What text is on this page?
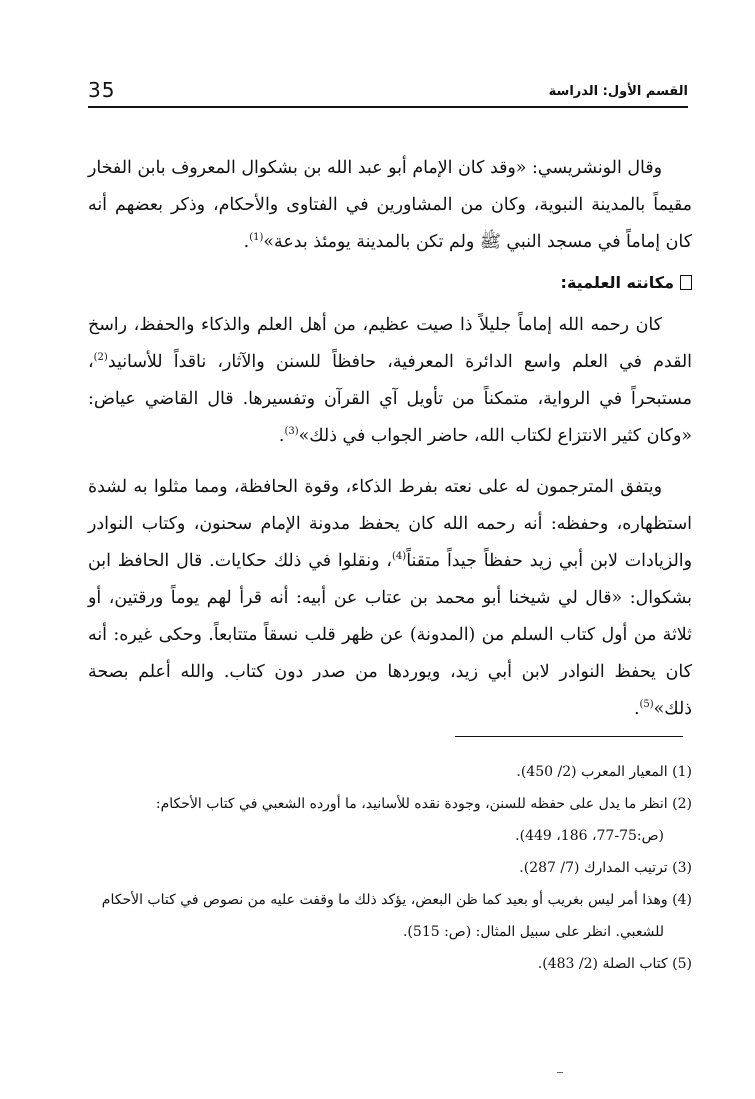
القسم الأول: الدراسة
35

وقال الونشريسي: «وقد كان الإمام أبو عبد الله بن بشكوال المعروف بابن الفخار مقيماً بالمدينة النبوية، وكان من المشاورين في الفتاوى والأحكام، وذكر بعضهم أنه كان إماماً في مسجد النبي ﷺ ولم تكن بالمدينة يومئذ بدعة»$^{(1)}$.

مكانته العلمية:

كان رحمه الله إماماً جليلاً ذا صيت عظيم، من أهل العلم والذكاء والحفظ، راسخ القدم في العلم واسع الدائرة المعرفية، حافظاً للسنن والآثار، ناقداً للأسانيد$^{(2)}$، مستبحراً في الرواية، متمكناً من تأويل آي القرآن وتفسيرها. قال القاضي عياض: «وكان كثير الانتزاع لكتاب الله، حاضر الجواب في ذلك»$^{(3)}$.

ويتفق المترجمون له على نعته بفرط الذكاء، وقوة الحافظة، ومما مثلوا به لشدة استظهاره، وحفظه: أنه رحمه الله كان يحفظ مدونة الإمام سحنون، وكتاب النوادر والزيادات لابن أبي زيد حفظاً جيداً متقناً$^{(4)}$، ونقلوا في ذلك حكايات. قال الحافظ ابن بشكوال: «قال لي شيخنا أبو محمد بن عتاب عن أبيه: أنه قرأ لهم يوماً ورقتين، أو ثلاثة من أول كتاب السلم من (المدونة) عن ظهر قلب نسقاً متتابعاً. وحكى غيره: أنه كان يحفظ النوادر لابن أبي زيد، ويوردها من صدر دون كتاب. والله أعلم بصحة ذلك»$^{(5)}$.

(1) المعيار المعرب (2/ 450).

(2) انظر ما يدل على حفظه للسنن، وجودة نقده للأسانيد، ما أورده الشعبي في كتاب الأحكام:
(ص:75-77، 186، 449).

(3) ترتيب المدارك (7/ 287).

(4) وهذا أمر ليس بغريب أو بعيد كما ظن البعض، يؤكد ذلك ما وقفت عليه من نصوص في كتاب الأحكام
للشعبي. انظر على سبيل المثال: (ص: 515).

(5) كتاب الصلة (2/ 483).
